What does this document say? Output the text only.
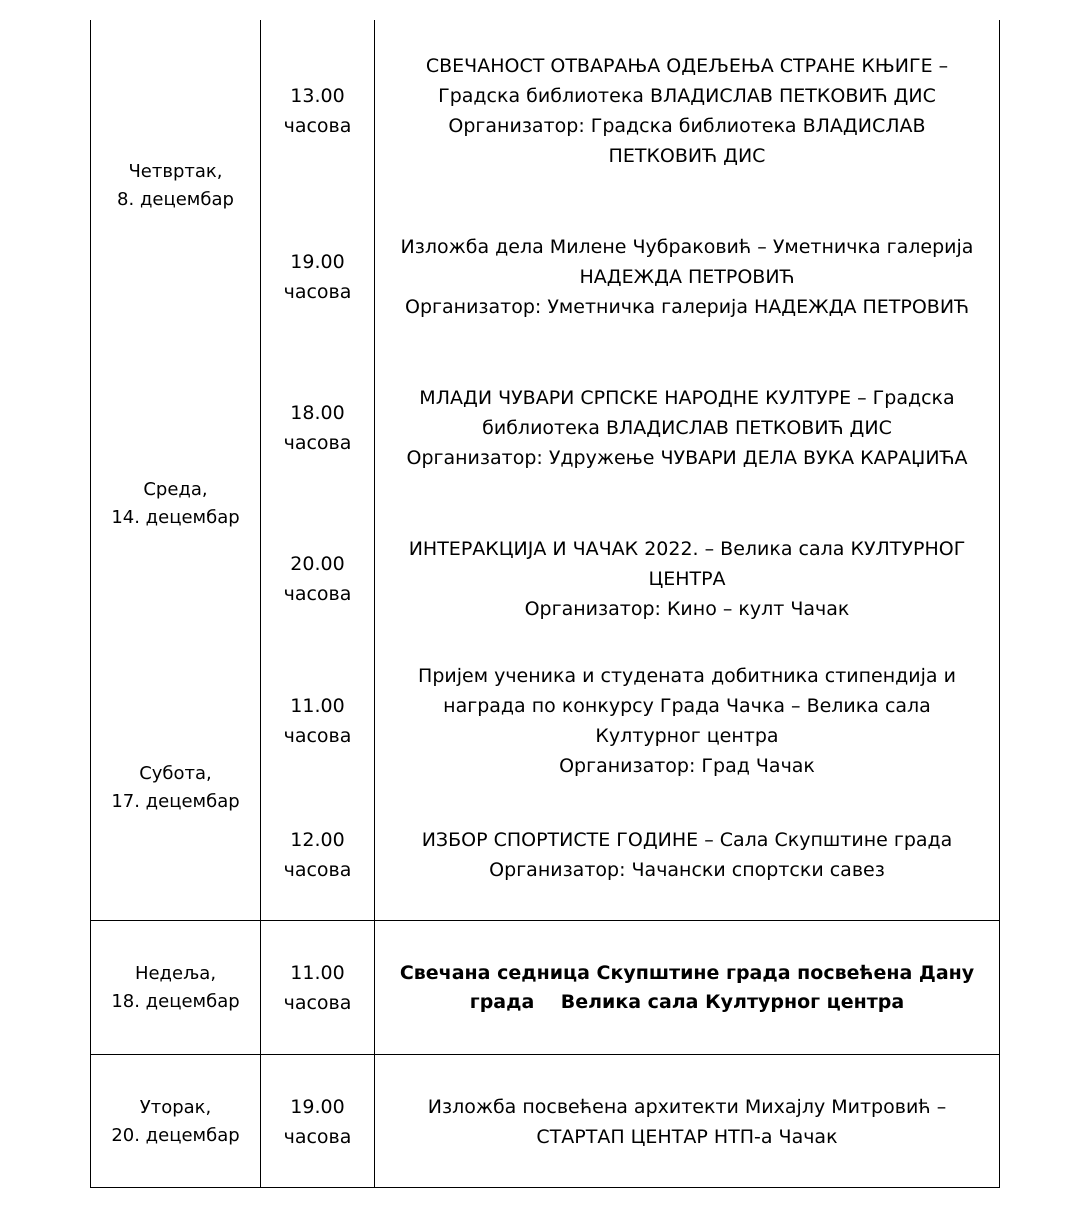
Четвртак,
8. децембар
Среда,
14. децембар
Субота,
17. децембар
Недеља,
18. децембар
Уторак,
20. децембар
13.00
часова
19.00
часова
18.00
часова
20.00
часова
11.00
часова
12.00
часова
11.00
часова
19.00
часова
СВЕЧАНОСТ ОТВАРАЊА ОДЕЉЕЊА СТРАНЕ КЊИГЕ –
Градска библиотека ВЛАДИСЛАВ ПЕТКОВИЋ ДИС
Организатор: Градска библиотека ВЛАДИСЛАВ
ПЕТКОВИЋ ДИС
Изложба дела Милене Чубраковић – Уметничка галерија
НАДЕЖДА ПЕТРОВИЋ
Организатор: Уметничка галерија НАДЕЖДА ПЕТРОВИЋ
МЛАДИ ЧУВАРИ СРПСКЕ НАРОДНЕ КУЛТУРЕ – Градска
библиотека ВЛАДИСЛАВ ПЕТКОВИЋ ДИС
Организатор: Удружење ЧУВАРИ ДЕЛА ВУКА КАРАЏИЋА
ИНТЕРАКЦИЈА И ЧАЧАК 2022. – Велика сала КУЛТУРНОГ
ЦЕНТРА
Организатор: Кино – култ Чачак
Пријем ученика и студената добитника стипендија и
награда по конкурсу Града Чачка – Велика сала
Културног центра
Организатор: Град Чачак
ИЗБОР СПОРТИСТЕ ГОДИНЕ – Сала Скупштине града
Организатор: Чачански спортски савез
Свечана седница Скупштине града посвећена Дану
града    Велика сала Културног центра
Изложба посвећена архитекти Михајлу Митровић –
СТАРТАП ЦЕНТАР НТП-а Чачак
